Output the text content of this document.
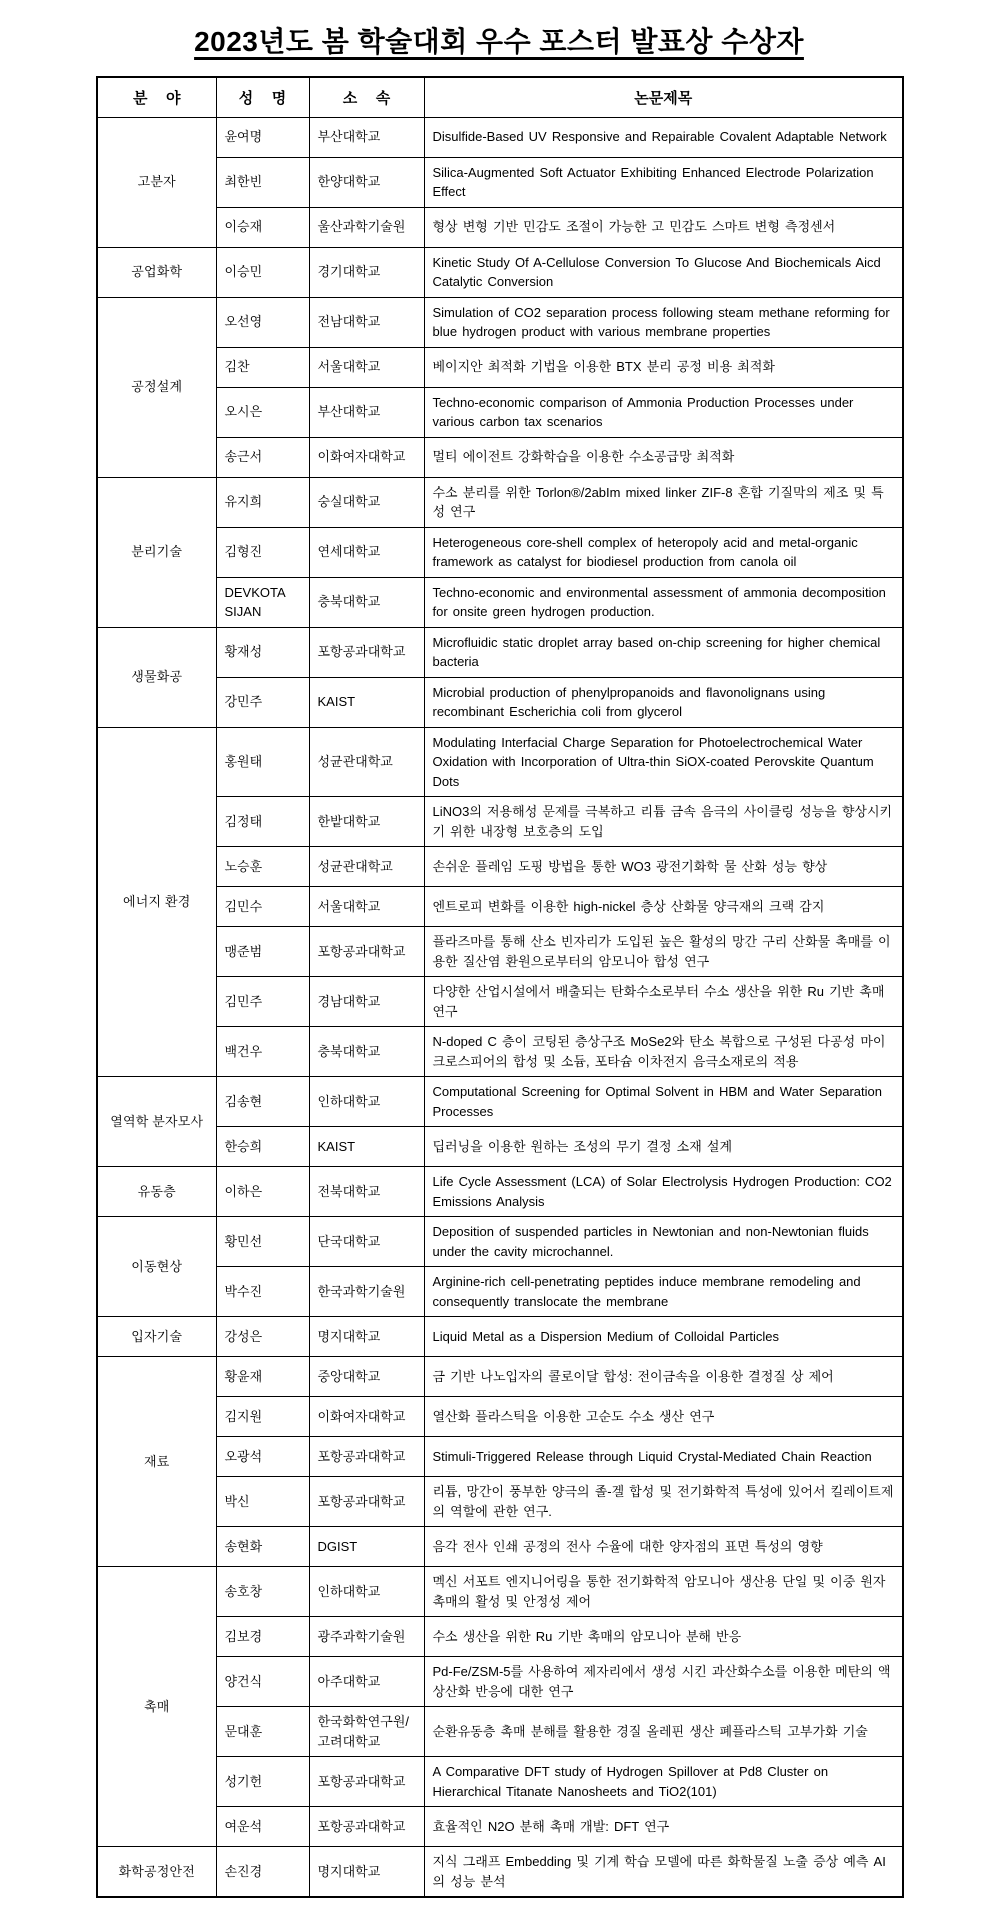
2023년도 봄 학술대회 우수 포스터 발표상 수상자
분 야	성 명	소 속	논문제목
고분자	윤여명	부산대학교	Disulfide-Based UV Responsive and Repairable Covalent Adaptable Network
	최한빈	한양대학교	Silica-Augmented Soft Actuator Exhibiting Enhanced Electrode Polarization Effect
	이승재	울산과학기술원	형상 변형 기반 민감도 조절이 가능한 고 민감도 스마트 변형 측정센서
공업화학	이승민	경기대학교	Kinetic Study Of A-Cellulose Conversion To Glucose And Biochemicals Aicd Catalytic Conversion
공정설계	오선영	전남대학교	Simulation of CO2 separation process following steam methane reforming for blue hydrogen product with various membrane properties
	김찬	서울대학교	베이지안 최적화 기법을 이용한 BTX 분리 공정 비용 최적화
	오시은	부산대학교	Techno-economic comparison of Ammonia Production Processes under various carbon tax scenarios
	송근서	이화여자대학교	멀티 에이전트 강화학습을 이용한 수소공급망 최적화
분리기술	유지희	숭실대학교	수소 분리를 위한 Torlon®/2abIm mixed linker ZIF-8 혼합 기질막의 제조 및 특성 연구
	김형진	연세대학교	Heterogeneous core-shell complex of heteropoly acid and metal-organic framework as catalyst for biodiesel production from canola oil
	DEVKOTA SIJAN	충북대학교	Techno-economic and environmental assessment of ammonia decomposition for onsite green hydrogen production.
생물화공	황재성	포항공과대학교	Microfluidic static droplet array based on-chip screening for higher chemical bacteria
	강민주	KAIST	Microbial production of phenylpropanoids and flavonolignans using recombinant Escherichia coli from glycerol
에너지 환경	홍원태	성균관대학교	Modulating Interfacial Charge Separation for Photoelectrochemical Water Oxidation with Incorporation of Ultra-thin SiOX-coated Perovskite Quantum Dots
	김정태	한밭대학교	LiNO3의 저용해성 문제를 극복하고 리튬 금속 음극의 사이클링 성능을 향상시키기 위한 내장형 보호층의 도입
	노승훈	성균관대학교	손쉬운 플레임 도핑 방법을 통한 WO3 광전기화학 물 산화 성능 향상
	김민수	서울대학교	엔트로피 변화를 이용한 high-nickel 층상 산화물 양극재의 크랙 감지
	맹준범	포항공과대학교	플라즈마를 통해 산소 빈자리가 도입된 높은 활성의 망간 구리 산화물 촉매를 이용한 질산염 환원으로부터의 암모니아 합성 연구
	김민주	경남대학교	다양한 산업시설에서 배출되는 탄화수소로부터 수소 생산을 위한 Ru 기반 촉매 연구
	백건우	충북대학교	N-doped C 층이 코팅된 층상구조 MoSe2와 탄소 복합으로 구성된 다공성 마이크로스피어의 합성 및 소듐, 포타슘 이차전지 음극소재로의 적용
열역학 분자모사	김송현	인하대학교	Computational Screening for Optimal Solvent in HBM and Water Separation Processes
	한승희	KAIST	딥러닝을 이용한 원하는 조성의 무기 결정 소재 설계
유동층	이하은	전북대학교	Life Cycle Assessment (LCA) of Solar Electrolysis Hydrogen Production: CO2 Emissions Analysis
이동현상	황민선	단국대학교	Deposition of suspended particles in Newtonian and non-Newtonian fluids under the cavity microchannel.
	박수진	한국과학기술원	Arginine-rich cell-penetrating peptides induce membrane remodeling and consequently translocate the membrane
입자기술	강성은	명지대학교	Liquid Metal as a Dispersion Medium of Colloidal Particles
재료	황윤재	중앙대학교	금 기반 나노입자의 콜로이달 합성: 전이금속을 이용한 결정질 상 제어
	김지원	이화여자대학교	열산화 플라스틱을 이용한 고순도 수소 생산 연구
	오광석	포항공과대학교	Stimuli-Triggered Release through Liquid Crystal-Mediated Chain Reaction
	박신	포항공과대학교	리튬, 망간이 풍부한 양극의 졸-겔 합성 및 전기화학적 특성에 있어서 킬레이트제의 역할에 관한 연구.
	송현화	DGIST	음각 전사 인쇄 공정의 전사 수율에 대한 양자점의 표면 특성의 영향
촉매	송호창	인하대학교	멕신 서포트 엔지니어링을 통한 전기화학적 암모니아 생산용 단일 및 이중 원자 촉매의 활성 및 안정성 제어
	김보경	광주과학기술원	수소 생산을 위한 Ru 기반 촉매의 암모니아 분해 반응
	양건식	아주대학교	Pd-Fe/ZSM-5를 사용하여 제자리에서 생성 시킨 과산화수소를 이용한 메탄의 액상산화 반응에 대한 연구
	문대훈	한국화학연구원/고려대학교	순환유동층 촉매 분해를 활용한 경질 올레핀 생산 폐플라스틱 고부가화 기술
	성기헌	포항공과대학교	A Comparative DFT study of Hydrogen Spillover at Pd8 Cluster on Hierarchical Titanate Nanosheets and TiO2(101)
	여운석	포항공과대학교	효율적인 N2O 분해 촉매 개발: DFT 연구
화학공정안전	손진경	명지대학교	지식 그래프 Embedding 및 기계 학습 모델에 따른 화학물질 노출 증상 예측 AI의 성능 분석
